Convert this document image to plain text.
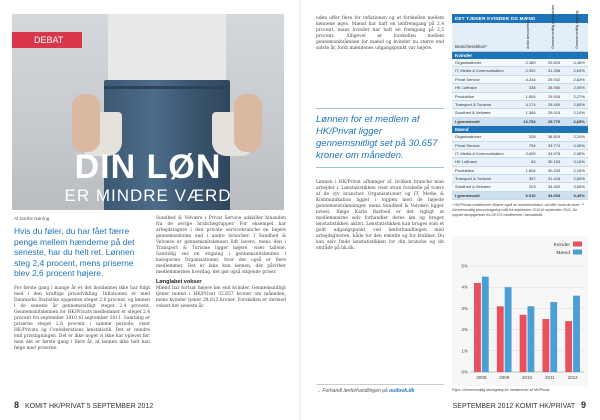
DEBAT
DIN LØN
ER MINDRE VÆRD
Af Dorthe Nørring
Hvis du føler, du har fået færre penge mellem hænderne på det seneste, har du helt ret. Lønnen steg 2,4 procent, mens priserne blev 2,6 procent højere.
For første gang i mange år er det ikonlønnet ikke har fulgt med i den kraftige prisudvikling. Inflationen er med Danmarks Statistiks opgørelse steget 2,6 procent, og lønnen i de seneste år gennemsnitligt steget 2,4 procent. Gennemsnitslønnen for HK/Privats medlemmer er steget 2,4 procent fra september 2010 til september 2011. Samtidig er priserne steget 2,6 procent i samme periode, viser HK/Privats og Confederations lønstatistik. Det er mindre end prisstigningen. Det er ikke noget vi ikke har oplevet før, men det er første gang i flere år, at lønnen ikke helt kan følge med priserne.
Sundhed & Velvære i Privat Service adskiller hinanden fra de øvrige branchegrupper. For eksempel har arbejdstagere i den private servicebranche en højere gennemsnitsløn end i andre brancher. I Sundhed & Velvære er gennemsnitslønnen lidt lavere, mens den i Transport & Turisme ligger højere, viser tallene. Samtidig ses en stigning i gennemsnitslønnen i kategorien Organisationer, hvor der også er flere medlemmer. Det er ikke kun lønnen, der påvirker medlemmernes hverdag, det gør også stigende priser.
Lønglabet vokser
Mænd har fortsat højere løn end kvinder. Gennemsnitligt tjener mænd i HK/Privat 32.657 kroner om måneden, mens kvinder tjener 28.613 kroner. Forskellen er dermed vokset det seneste år.
8 KOMIT HK/PRIVAT 5 SEPTEMBER 2012
uden offer flere for inflationen og at forskellen mellem kønnene øges. Mænd har haft en lønfremgang på 2,4 procent, mens kvinder har haft en fremgang på 2,5 procent. Alligevel er forskellen mellem gennemsnitslønnen for mænd og kvinder nu større end sidste år, fordi mændenes udgangspunkt var højere.
Lønnen for et medlem af HK/Privat ligger gennemsnitligt set på 30.657 kroner om måneden.
Lønnen i HK/Privat afhænger af, hvilken branche man arbejder i. Lønstatistikken viser store forskelle på tværs af de syv brancher. Organisationer og IT, Medie & Kommunikation ligger i toppen med de højeste gennemsnitslønninger, mens Sundhed & Velvære ligger lavest. Ifølge Karin Barfoed er det vigtigt at medlemmerne selv forhandler deres løn og bruger lønstatistikken aktivt. Lønstatistikken kan bruges som et godt udgangspunkt ved lønforhandlingen med arbejdsgiveren, både for den enkelte og for klubber. Du kan selv finde lønstatistikken for din branche og dit område på hk.dk.
→ Forhandl lønforhandlingen på outlook.dk
SEPTEMBER 2012 KOMIT HK/PRIVAT 9
DET TJENER KVINDER OG MÆND
Branchesektion*	Antal besvarelser	Gennemsnitlig månedsløn	Gennemsnitlig stigning
Kvinder
Organisationer	2.389	29.819	4,48%
IT, Media & Kommunikation	2.392	31.258	2,63%
Privat Service	4.244	29.042	2,63%
HK Lufthavn	338	28.950	2,05%
Produktion	1.504	29.916	2,27%
Transport & Turisme	4.174	29.400	2,80%
Sundhed & Velvære	1.384	29.015	2,10%
I gennemsnit	16.753	29.770	2,65%
Mænd
Organisationer	328	38.819	2,24%
Privat Service	794	33.774	4,08%
IT, Media & Kommunikation	2.609	34.578	2,08%
HK Lufthavn	84	30.153	3,16%
Produktion	1.604	30.233	2,16%
Transport & Turisme	397	31.418	2,80%
Sundhed & Velvære	203	34.400	3,85%
I gennemsnit	6.010	34.003	3,45%
* HK/Privats medlemmer tilhører også en branchesektion, ud efter hvad de laver. ** Gennemsnitlig procentstigning målt fra september 2010 til september 2011. De oplyste lønopgørelse fra 28.572 medlemmer i lønstatistik.
0%
1%
2%
3%
4%
5%
2008	2009	2010	2011	2012
Kvinder
Mænd
Figur: Gennemsnitlig lønstigning for medlemmer af HK/Privat.
